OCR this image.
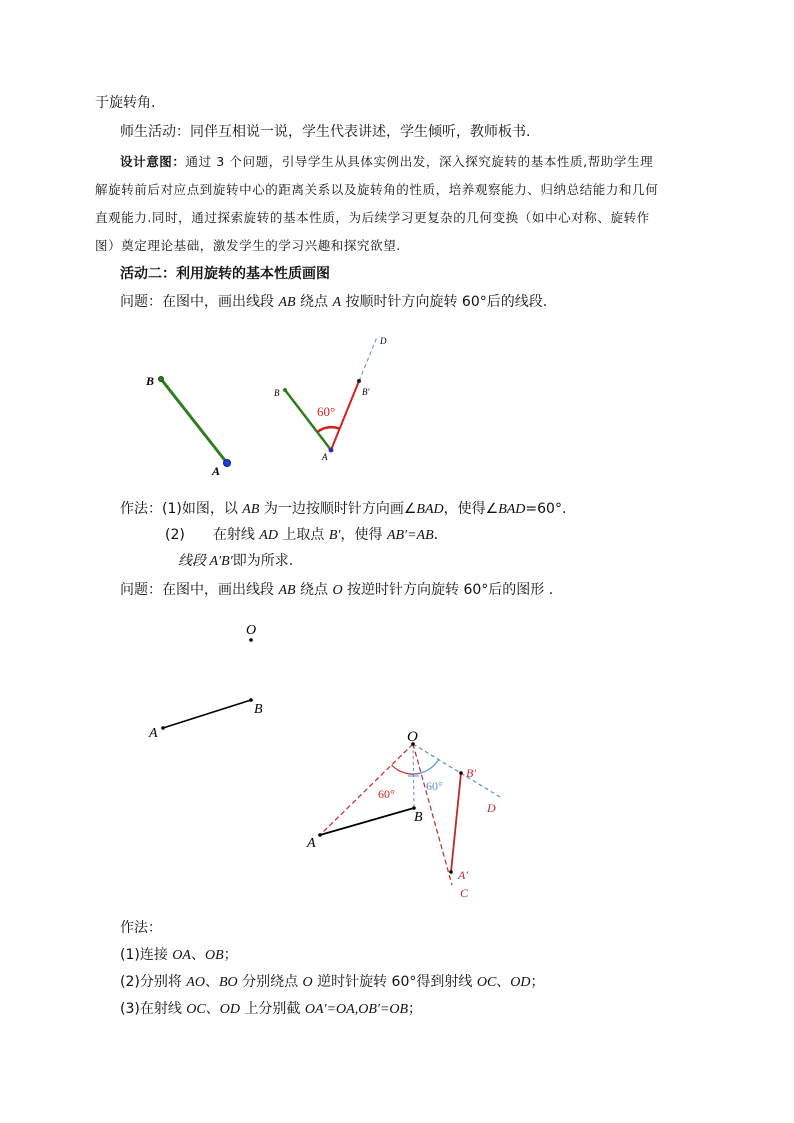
于旋转角.
师生活动：同伴互相说一说，学生代表讲述，学生倾听，教师板书.
设计意图：通过 3 个问题，引导学生从具体实例出发，深入探究旋转的基本性质,帮助学生理
解旋转前后对应点到旋转中心的距离关系以及旋转角的性质，培养观察能力、归纳总结能力和几何
直观能力.同时，通过探索旋转的基本性质，为后续学习更复杂的几何变换（如中心对称、旋转作
图）奠定理论基础，激发学生的学习兴趣和探究欲望.
活动二：利用旋转的基本性质画图
问题：在图中，画出线段 AB 绕点 A 按顺时针方向旋转 60°后的线段.
作法：(1)如图，以 AB 为一边按顺时针方向画∠BAD，使得∠BAD=60°.
(2)　　在射线 AD 上取点 B′，使得 AB′=AB.
线段 A′B′即为所求.
问题：在图中，画出线段 AB 绕点 O 按逆时针方向旋转 60°后的图形 .
作法：
(1)连接 OA、OB；
(2)分别将 AO、BO 分别绕点 O 逆时针旋转 60°得到射线 OC、OD；
(3)在射线 OC、OD 上分别截 OA′=OA,OB′=OB；
B
A
B	B'
D
A
60°
O
A
B
O
B′
D
B
A
A′
C
60°
60°
